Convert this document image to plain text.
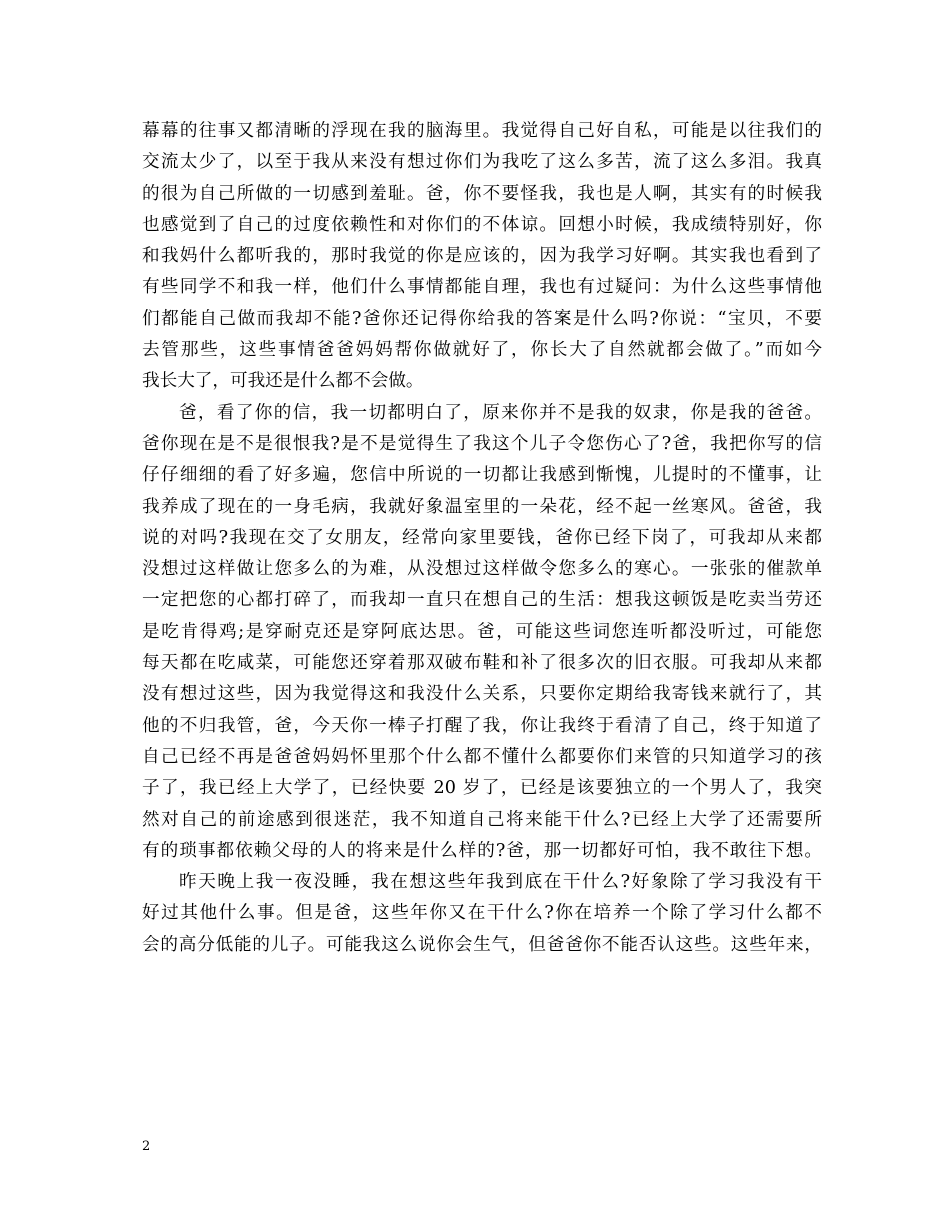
幕幕的往事又都清晰的浮现在我的脑海里。我觉得自己好自私，可能是以往我们的
交流太少了，以至于我从来没有想过你们为我吃了这么多苦，流了这么多泪。我真
的很为自己所做的一切感到羞耻。爸，你不要怪我，我也是人啊，其实有的时候我
也感觉到了自己的过度依赖性和对你们的不体谅。回想小时候，我成绩特别好，你
和我妈什么都听我的，那时我觉的你是应该的，因为我学习好啊。其实我也看到了
有些同学不和我一样，他们什么事情都能自理，我也有过疑问：为什么这些事情他
们都能自己做而我却不能?爸你还记得你给我的答案是什么吗?你说：“宝贝，不要
去管那些，这些事情爸爸妈妈帮你做就好了，你长大了自然就都会做了。”而如今
我长大了，可我还是什么都不会做。
爸，看了你的信，我一切都明白了，原来你并不是我的奴隶，你是我的爸爸。
爸你现在是不是很恨我?是不是觉得生了我这个儿子令您伤心了?爸，我把你写的信
仔仔细细的看了好多遍，您信中所说的一切都让我感到惭愧，儿提时的不懂事，让
我养成了现在的一身毛病，我就好象温室里的一朵花，经不起一丝寒风。爸爸，我
说的对吗?我现在交了女朋友，经常向家里要钱，爸你已经下岗了，可我却从来都
没想过这样做让您多么的为难，从没想过这样做令您多么的寒心。一张张的催款单
一定把您的心都打碎了，而我却一直只在想自己的生活：想我这顿饭是吃卖当劳还
是吃肯得鸡;是穿耐克还是穿阿底达思。爸，可能这些词您连听都没听过，可能您
每天都在吃咸菜，可能您还穿着那双破布鞋和补了很多次的旧衣服。可我却从来都
没有想过这些，因为我觉得这和我没什么关系，只要你定期给我寄钱来就行了，其
他的不归我管，爸，今天你一棒子打醒了我，你让我终于看清了自己，终于知道了
自己已经不再是爸爸妈妈怀里那个什么都不懂什么都要你们来管的只知道学习的孩
子了，我已经上大学了，已经快要 20 岁了，已经是该要独立的一个男人了，我突
然对自己的前途感到很迷茫，我不知道自己将来能干什么?已经上大学了还需要所
有的琐事都依赖父母的人的将来是什么样的?爸，那一切都好可怕，我不敢往下想。
昨天晚上我一夜没睡，我在想这些年我到底在干什么?好象除了学习我没有干
好过其他什么事。但是爸，这些年你又在干什么?你在培养一个除了学习什么都不
会的高分低能的儿子。可能我这么说你会生气，但爸爸你不能否认这些。这些年来，
2
